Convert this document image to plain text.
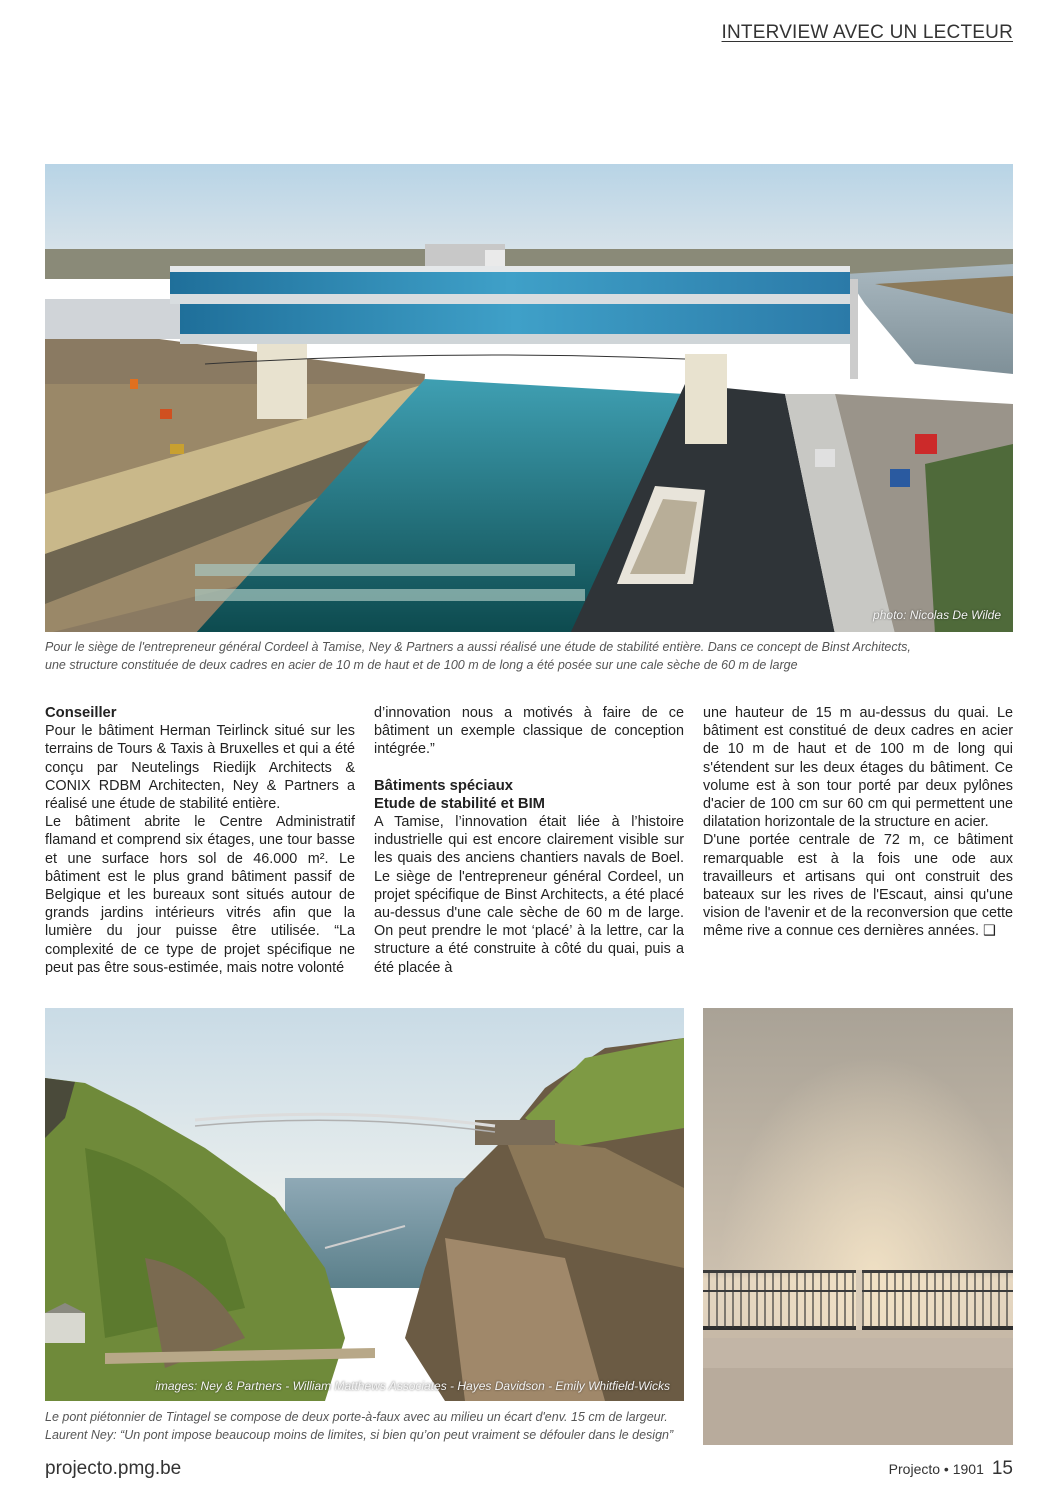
INTERVIEW AVEC UN LECTEUR
photo: Nicolas De Wilde
Pour le siège de l'entrepreneur général Cordeel à Tamise, Ney & Partners a aussi réalisé une étude de stabilité entière. Dans ce concept de Binst Architects,
une structure constituée de deux cadres en acier de 10 m de haut et de 100 m de long a été posée sur une cale sèche de 60 m de large
Conseiller

Pour le bâtiment Herman Teirlinck situé sur les terrains de Tours & Taxis à Bruxelles et qui a été conçu par Neutelings Riedijk Architects & CONIX RDBM Architecten, Ney & Partners a réalisé une étude de stabilité entière.

Le bâtiment abrite le Centre Administratif flamand et comprend six étages, une tour basse et une surface hors sol de 46.000 m². Le bâtiment est le plus grand bâtiment passif de Belgique et les bureaux sont situés autour de grands jardins intérieurs vitrés afin que la lumière du jour puisse être utilisée. “La complexité de ce type de projet spécifique ne peut pas être sous-estimée, mais notre volonté

d’innovation nous a motivés à faire de ce bâtiment un exemple classique de conception intégrée.”

Bâtiments spéciaux
Etude de stabilité et BIM

A Tamise, l’innovation était liée à l’histoire industrielle qui est encore clairement visible sur les quais des anciens chantiers navals de Boel. Le siège de l'entrepreneur général Cordeel, un projet spécifique de Binst Architects, a été placé au-dessus d'une cale sèche de 60 m de large. On peut prendre le mot ‘placé’ à la lettre, car la structure a été construite à côté du quai, puis a été placée à

une hauteur de 15 m au-dessus du quai. Le bâtiment est constitué de deux cadres en acier de 10 m de haut et de 100 m de long qui s'étendent sur les deux étages du bâtiment. Ce volume est à son tour porté par deux pylônes d'acier de 100 cm sur 60 cm qui permettent une dilatation horizontale de la structure en acier.

D'une portée centrale de 72 m, ce bâtiment remarquable est à la fois une ode aux travailleurs et artisans qui ont construit des bateaux sur les rives de l'Escaut, ainsi qu'une vision de l'avenir et de la reconversion que cette même rive a connue ces dernières années. ❑

images: Ney & Partners - William Matthews Associates - Hayes Davidson - Emily Whitfield-Wicks
Le pont piétonnier de Tintagel se compose de deux porte-à-faux avec au milieu un écart d'env. 15 cm de largeur.
Laurent Ney: “Un pont impose beaucoup moins de limites, si bien qu’on peut vraiment se défouler dans le design”
projecto.pmg.be	Projecto • 1901 15
